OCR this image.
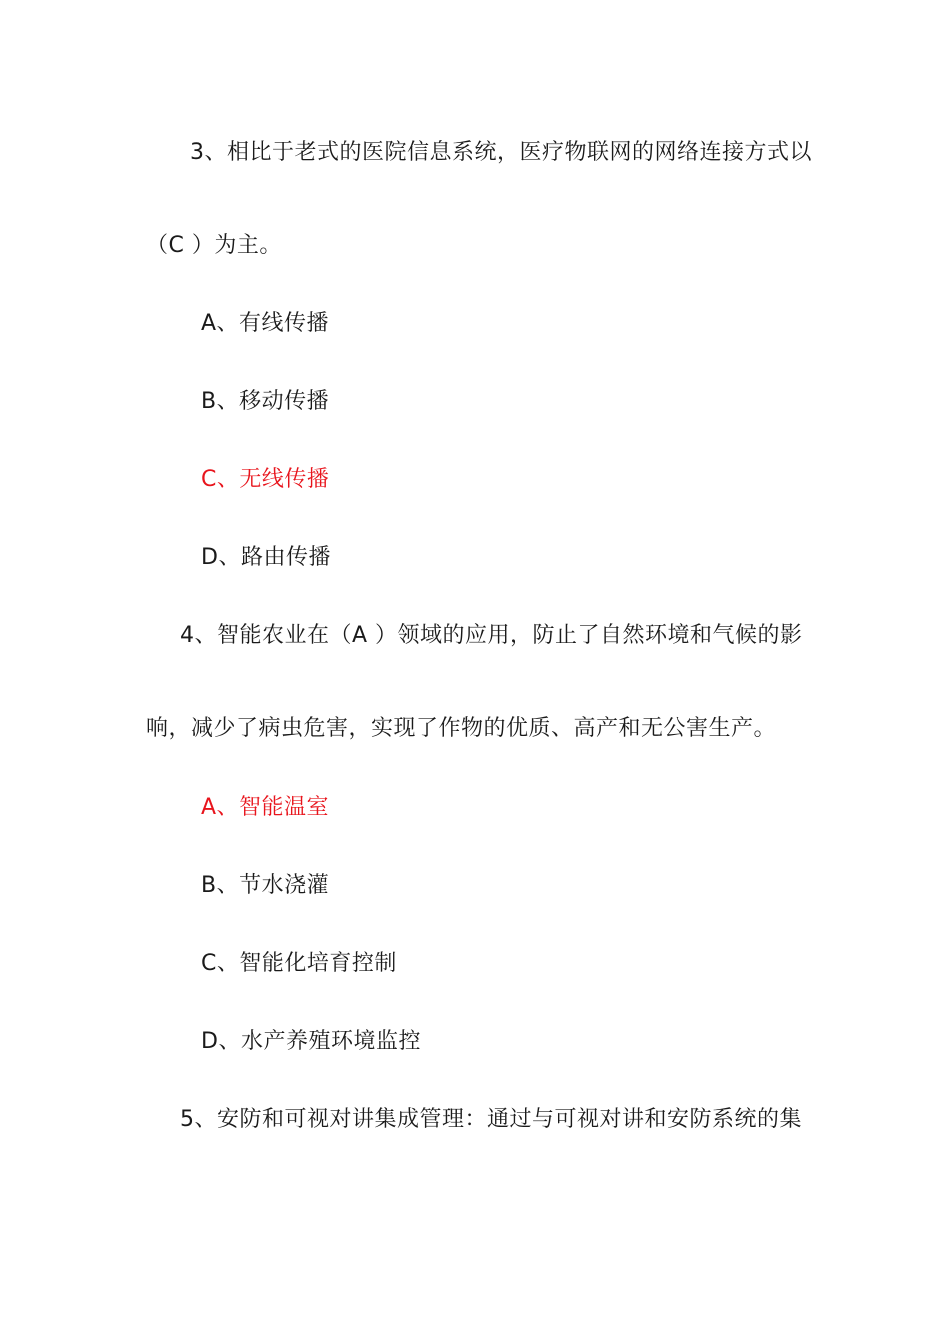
3、相比于老式的医院信息系统，医疗物联网的网络连接方式以
（C ）为主。
A、有线传播
B、移动传播
C、无线传播
D、路由传播
4、智能农业在（A ）领域的应用，防止了自然环境和气候的影
响，减少了病虫危害，实现了作物的优质、高产和无公害生产。
A、智能温室
B、节水浇灌
C、智能化培育控制
D、水产养殖环境监控
5、安防和可视对讲集成管理：通过与可视对讲和安防系统的集
